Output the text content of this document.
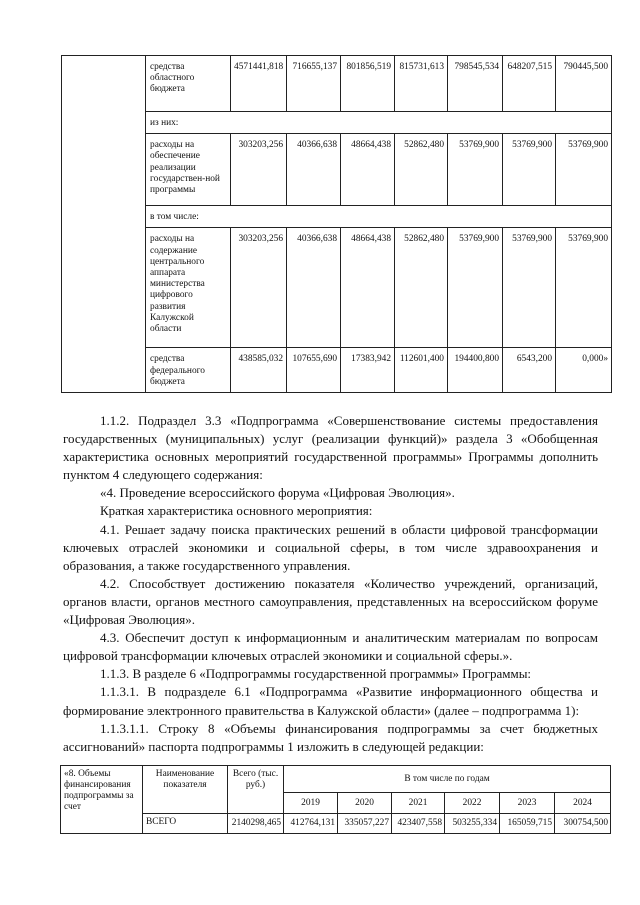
	средства областного бюджета	4571441,818	716655,137	801856,519	815731,613	798545,534	648207,515	790445,500
	из них:							
	расходы на обеспечение реализации государствен-ной программы	303203,256	40366,638	48664,438	52862,480	53769,900	53769,900	53769,900
	в том числе:							
	расходы на содержание центрального аппарата министерства цифрового развития Калужской области	303203,256	40366,638	48664,438	52862,480	53769,900	53769,900	53769,900
	средства федерального бюджета	438585,032	107655,690	17383,942	112601,400	194400,800	6543,200	0,000»

1.1.2. Подраздел 3.3 «Подпрограмма «Совершенствование системы предоставления государственных (муниципальных) услуг (реализации функций)» раздела 3 «Обобщенная характеристика основных мероприятий государственной программы» Программы дополнить пунктом 4 следующего содержания:

«4. Проведение всероссийского форума «Цифровая Эволюция».

Краткая характеристика основного мероприятия:

4.1. Решает задачу поиска практических решений в области цифровой трансформации ключевых отраслей экономики и социальной сферы, в том числе здравоохранения и образования, а также государственного управления.

4.2. Способствует достижению показателя «Количество учреждений, организаций, органов власти, органов местного самоуправления, представленных на всероссийском форуме «Цифровая Эволюция».

4.3. Обеспечит доступ к информационным и аналитическим материалам по вопросам цифровой трансформации ключевых отраслей экономики и социальной сферы.».

1.1.3. В разделе 6 «Подпрограммы государственной программы» Программы:

1.1.3.1. В подразделе 6.1 «Подпрограмма «Развитие информационного общества и формирование электронного правительства в Калужской области» (далее – подпрограмма 1):

1.1.3.1.1. Строку 8 «Объемы финансирования подпрограммы за счет бюджетных ассигнований» паспорта подпрограммы 1 изложить в следующей редакции:

«8. Объемы финансирования подпрограммы за счет	Наименование показателя	Всего (тыс. руб.)	В том числе по годам					
			2019	2020	2021	2022	2023	2024
	ВСЕГО	2140298,465	412764,131	335057,227	423407,558	503255,334	165059,715	300754,500
